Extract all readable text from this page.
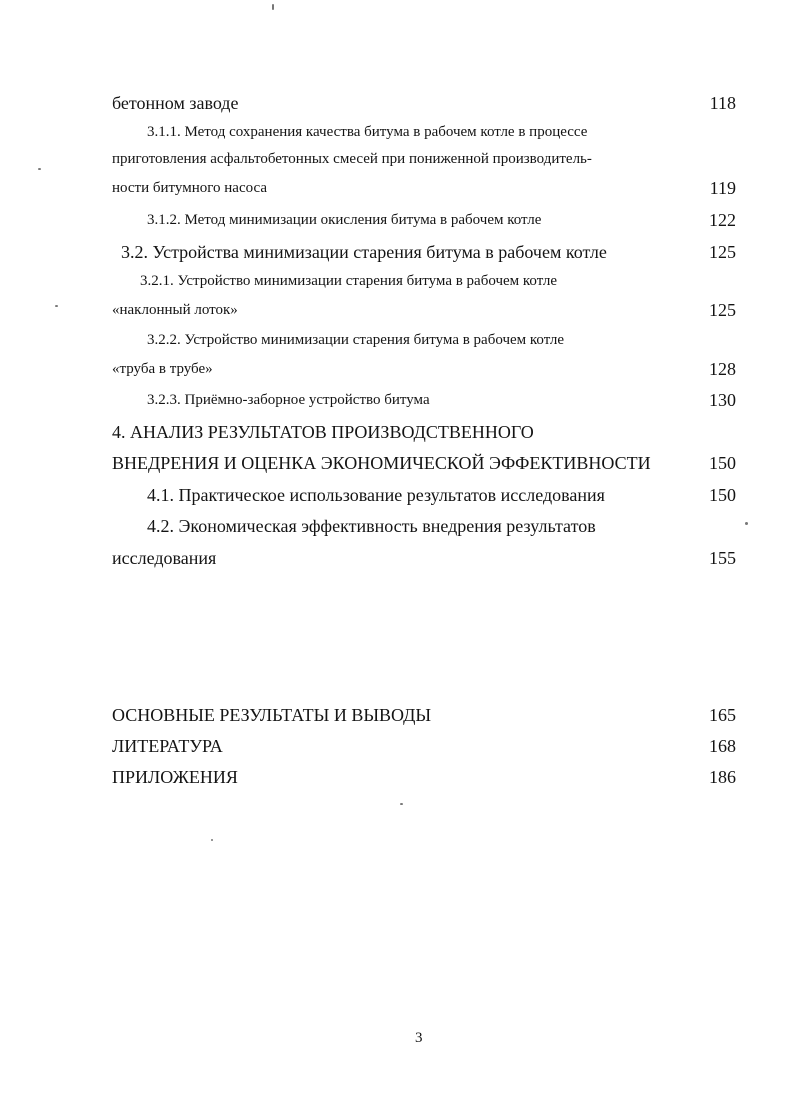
бетонном заводе	118
3.1.1. Метод сохранения качества битума в рабочем котле в процессе
приготовления асфальтобетонных смесей при пониженной производитель-
ности битумного насоса	119
3.1.2. Метод минимизации окисления битума в рабочем котле	122
3.2. Устройства минимизации старения битума в рабочем котле	125
3.2.1. Устройство минимизации старения битума в рабочем котле
«наклонный лоток»	125
3.2.2. Устройство минимизации старения битума в рабочем котле
«труба в трубе»	128
3.2.3. Приёмно-заборное устройство битума	130
4. АНАЛИЗ РЕЗУЛЬТАТОВ ПРОИЗВОДСТВЕННОГО
ВНЕДРЕНИЯ И ОЦЕНКА ЭКОНОМИЧЕСКОЙ ЭФФЕКТИВНОСТИ	150
4.1. Практическое использование результатов исследования	150
4.2. Экономическая эффективность внедрения результатов
исследования	155
ОСНОВНЫЕ РЕЗУЛЬТАТЫ И ВЫВОДЫ	165
ЛИТЕРАТУРА	168
ПРИЛОЖЕНИЯ	186
3
